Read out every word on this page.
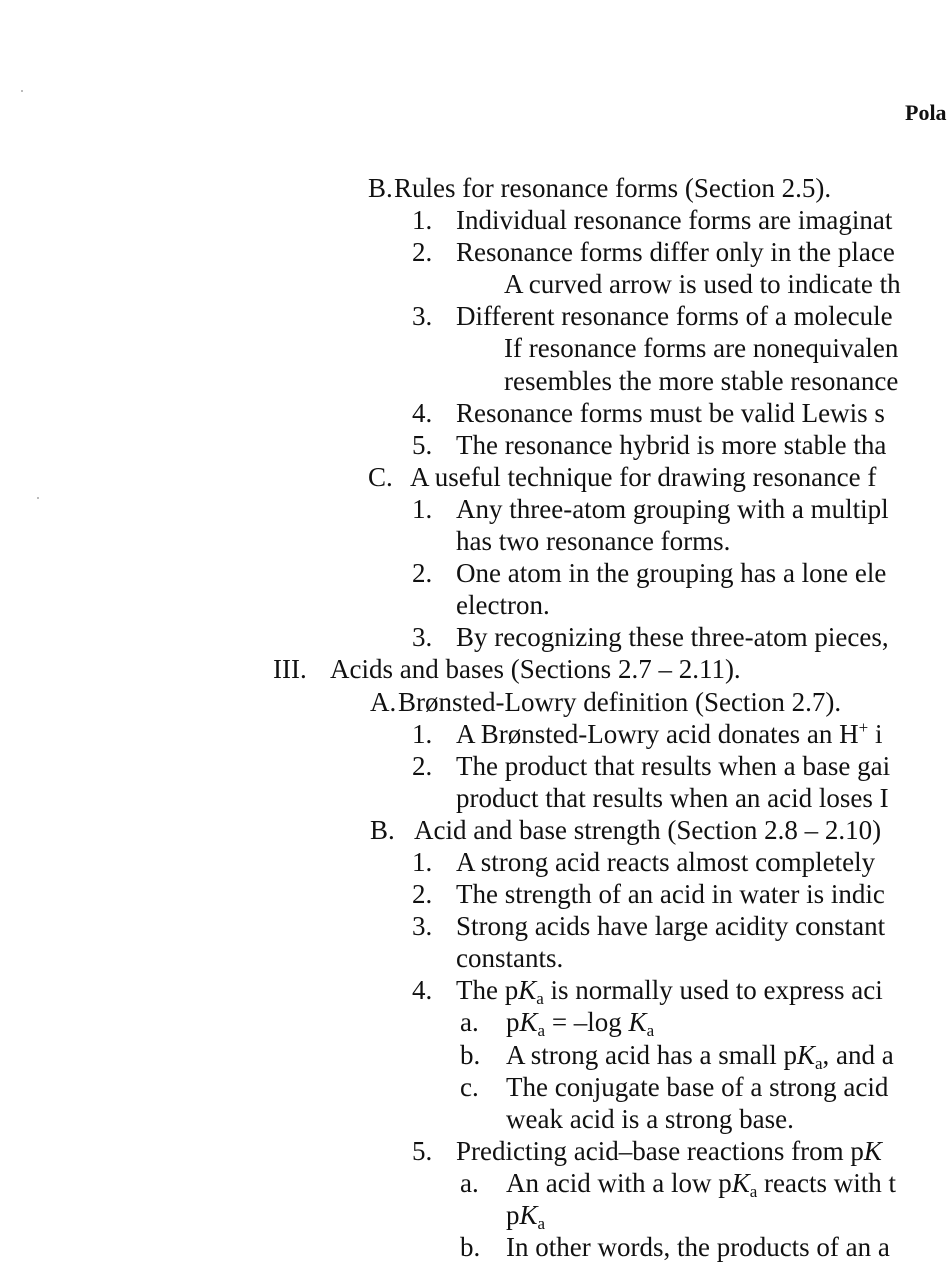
Pola
B. Rules for resonance forms (Section 2.5).
1. Individual resonance forms are imaginat
2. Resonance forms differ only in the place
A curved arrow is used to indicate th
3. Different resonance forms of a molecule
If resonance forms are nonequivalen
resembles the more stable resonance
4. Resonance forms must be valid Lewis s
5. The resonance hybrid is more stable tha
C. A useful technique for drawing resonance f
1. Any three-atom grouping with a multipl
has two resonance forms.
2. One atom in the grouping has a lone ele
electron.
3. By recognizing these three-atom pieces,
III. Acids and bases (Sections 2.7 – 2.11).
A. Brønsted-Lowry definition (Section 2.7).
1. A Brønsted-Lowry acid donates an H+ i
2. The product that results when a base gai
product that results when an acid loses I
B. Acid and base strength (Section 2.8 – 2.10)
1. A strong acid reacts almost completely
2. The strength of an acid in water is indic
3. Strong acids have large acidity constant
constants.
4. The $pK_a$ is normally used to express aci
a. $pK_a = -\log$ $K_a$
b. A strong acid has a small $pK_a$, and a
c. The conjugate base of a strong acid
weak acid is a strong base.
5. Predicting acid–base reactions from pK
a. An acid with a low $pK_a$ reacts with t
$pK_a$
b. In other words, the products of an a
